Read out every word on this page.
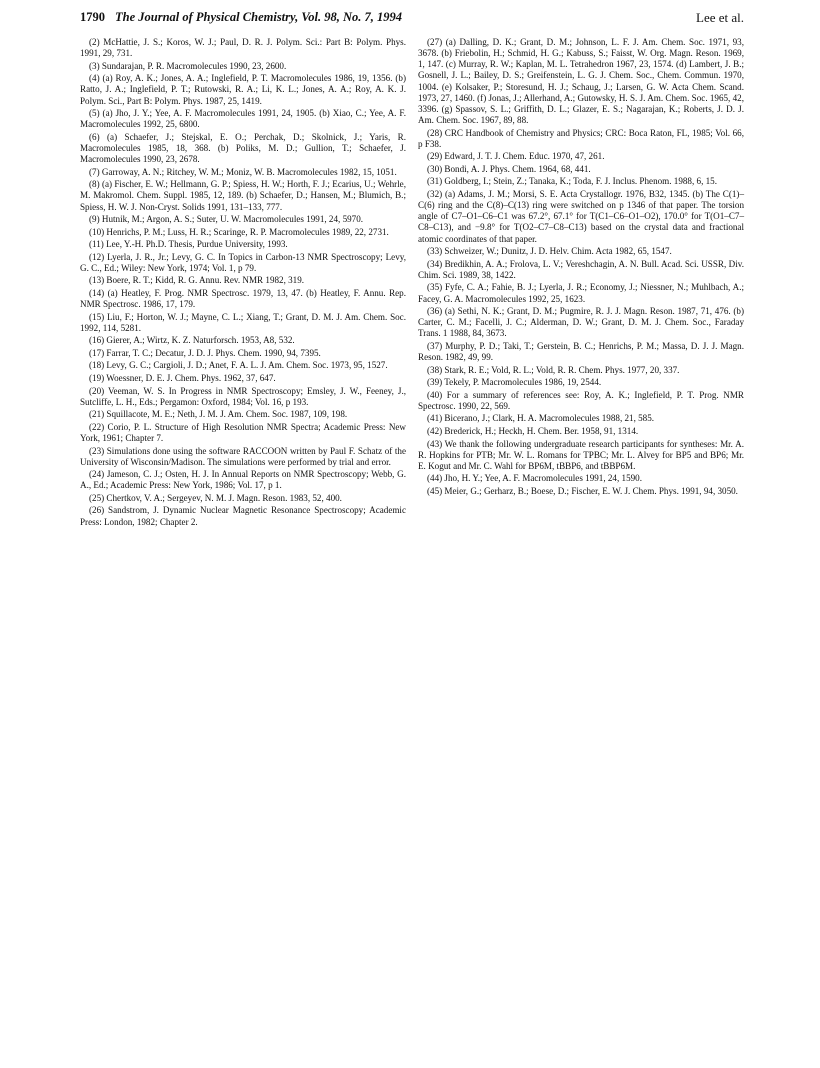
1790 The Journal of Physical Chemistry, Vol. 98, No. 7, 1994	Lee et al.

(2) McHattie, J. S.; Koros, W. J.; Paul, D. R. J. Polym. Sci.: Part B: Polym. Phys. 1991, 29, 731.

(3) Sundarajan, P. R. Macromolecules 1990, 23, 2600.

(4) (a) Roy, A. K.; Jones, A. A.; Inglefield, P. T. Macromolecules 1986, 19, 1356. (b) Ratto, J. A.; Inglefield, P. T.; Rutowski, R. A.; Li, K. L.; Jones, A. A.; Roy, A. K. J. Polym. Sci., Part B: Polym. Phys. 1987, 25, 1419.

(5) (a) Jho, J. Y.; Yee, A. F. Macromolecules 1991, 24, 1905. (b) Xiao, C.; Yee, A. F. Macromolecules 1992, 25, 6800.

(6) (a) Schaefer, J.; Stejskal, E. O.; Perchak, D.; Skolnick, J.; Yaris, R. Macromolecules 1985, 18, 368. (b) Poliks, M. D.; Gullion, T.; Schaefer, J. Macromolecules 1990, 23, 2678.

(7) Garroway, A. N.; Ritchey, W. M.; Moniz, W. B. Macromolecules 1982, 15, 1051.

(8) (a) Fischer, E. W.; Hellmann, G. P.; Spiess, H. W.; Horth, F. J.; Ecarius, U.; Wehrle, M. Makromol. Chem. Suppl. 1985, 12, 189. (b) Schaefer, D.; Hansen, M.; Blumich, B.; Spiess, H. W. J. Non-Cryst. Solids 1991, 131–133, 777.

(9) Hutnik, M.; Argon, A. S.; Suter, U. W. Macromolecules 1991, 24, 5970.

(10) Henrichs, P. M.; Luss, H. R.; Scaringe, R. P. Macromolecules 1989, 22, 2731.

(11) Lee, Y.-H. Ph.D. Thesis, Purdue University, 1993.

(12) Lyerla, J. R., Jr.; Levy, G. C. In Topics in Carbon-13 NMR Spectroscopy; Levy, G. C., Ed.; Wiley: New York, 1974; Vol. 1, p 79.

(13) Boere, R. T.; Kidd, R. G. Annu. Rev. NMR 1982, 319.

(14) (a) Heatley, F. Prog. NMR Spectrosc. 1979, 13, 47. (b) Heatley, F. Annu. Rep. NMR Spectrosc. 1986, 17, 179.

(15) Liu, F.; Horton, W. J.; Mayne, C. L.; Xiang, T.; Grant, D. M. J. Am. Chem. Soc. 1992, 114, 5281.

(16) Gierer, A.; Wirtz, K. Z. Naturforsch. 1953, A8, 532.

(17) Farrar, T. C.; Decatur, J. D. J. Phys. Chem. 1990, 94, 7395.

(18) Levy, G. C.; Cargioli, J. D.; Anet, F. A. L. J. Am. Chem. Soc. 1973, 95, 1527.

(19) Woessner, D. E. J. Chem. Phys. 1962, 37, 647.

(20) Veeman, W. S. In Progress in NMR Spectroscopy; Emsley, J. W., Feeney, J., Sutcliffe, L. H., Eds.; Pergamon: Oxford, 1984; Vol. 16, p 193.

(21) Squillacote, M. E.; Neth, J. M. J. Am. Chem. Soc. 1987, 109, 198.

(22) Corio, P. L. Structure of High Resolution NMR Spectra; Academic Press: New York, 1961; Chapter 7.

(23) Simulations done using the software RACCOON written by Paul F. Schatz of the University of Wisconsin/Madison. The simulations were performed by trial and error.

(24) Jameson, C. J.; Osten, H. J. In Annual Reports on NMR Spectroscopy; Webb, G. A., Ed.; Academic Press: New York, 1986; Vol. 17, p 1.

(25) Chertkov, V. A.; Sergeyev, N. M. J. Magn. Reson. 1983, 52, 400.

(26) Sandstrom, J. Dynamic Nuclear Magnetic Resonance Spectroscopy; Academic Press: London, 1982; Chapter 2.

(27) (a) Dalling, D. K.; Grant, D. M.; Johnson, L. F. J. Am. Chem. Soc. 1971, 93, 3678. (b) Friebolin, H.; Schmid, H. G.; Kabuss, S.; Faisst, W. Org. Magn. Reson. 1969, 1, 147. (c) Murray, R. W.; Kaplan, M. L. Tetrahedron 1967, 23, 1574. (d) Lambert, J. B.; Gosnell, J. L.; Bailey, D. S.; Greifenstein, L. G. J. Chem. Soc., Chem. Commun. 1970, 1004. (e) Kolsaker, P.; Storesund, H. J.; Schaug, J.; Larsen, G. W. Acta Chem. Scand. 1973, 27, 1460. (f) Jonas, J.; Allerhand, A.; Gutowsky, H. S. J. Am. Chem. Soc. 1965, 42, 3396. (g) Spassov, S. L.; Griffith, D. L.; Glazer, E. S.; Nagarajan, K.; Roberts, J. D. J. Am. Chem. Soc. 1967, 89, 88.

(28) CRC Handbook of Chemistry and Physics; CRC: Boca Raton, FL, 1985; Vol. 66, p F38.

(29) Edward, J. T. J. Chem. Educ. 1970, 47, 261.

(30) Bondi, A. J. Phys. Chem. 1964, 68, 441.

(31) Goldberg, I.; Stein, Z.; Tanaka, K.; Toda, F. J. Inclus. Phenom. 1988, 6, 15.

(32) (a) Adams, J. M.; Morsi, S. E. Acta Crystallogr. 1976, B32, 1345. (b) The C(1)–C(6) ring and the C(8)–C(13) ring were switched on p 1346 of that paper. The torsion angle of C7–O1–C6–C1 was 67.2°, 67.1° for T(C1–C6–O1–O2), 170.0° for T(O1–C7–C8–C13), and −9.8° for T(O2–C7–C8–C13) based on the crystal data and fractional atomic coordinates of that paper.

(33) Schweizer, W.; Dunitz, J. D. Helv. Chim. Acta 1982, 65, 1547.

(34) Bredikhin, A. A.; Frolova, L. V.; Vereshchagin, A. N. Bull. Acad. Sci. USSR, Div. Chim. Sci. 1989, 38, 1422.

(35) Fyfe, C. A.; Fahie, B. J.; Lyerla, J. R.; Economy, J.; Niessner, N.; Muhlbach, A.; Facey, G. A. Macromolecules 1992, 25, 1623.

(36) (a) Sethi, N. K.; Grant, D. M.; Pugmire, R. J. J. Magn. Reson. 1987, 71, 476. (b) Carter, C. M.; Facelli, J. C.; Alderman, D. W.; Grant, D. M. J. Chem. Soc., Faraday Trans. 1 1988, 84, 3673.

(37) Murphy, P. D.; Taki, T.; Gerstein, B. C.; Henrichs, P. M.; Massa, D. J. J. Magn. Reson. 1982, 49, 99.

(38) Stark, R. E.; Vold, R. L.; Vold, R. R. Chem. Phys. 1977, 20, 337.

(39) Tekely, P. Macromolecules 1986, 19, 2544.

(40) For a summary of references see: Roy, A. K.; Inglefield, P. T. Prog. NMR Spectrosc. 1990, 22, 569.

(41) Bicerano, J.; Clark, H. A. Macromolecules 1988, 21, 585.

(42) Brederick, H.; Heckh, H. Chem. Ber. 1958, 91, 1314.

(43) We thank the following undergraduate research participants for syntheses: Mr. A. R. Hopkins for PTB; Mr. W. L. Romans for TPBC; Mr. L. Alvey for BP5 and BP6; Mr. E. Kogut and Mr. C. Wahl for BP6M, tBBP6, and tBBP6M.

(44) Jho, H. Y.; Yee, A. F. Macromolecules 1991, 24, 1590.

(45) Meier, G.; Gerharz, B.; Boese, D.; Fischer, E. W. J. Chem. Phys. 1991, 94, 3050.
